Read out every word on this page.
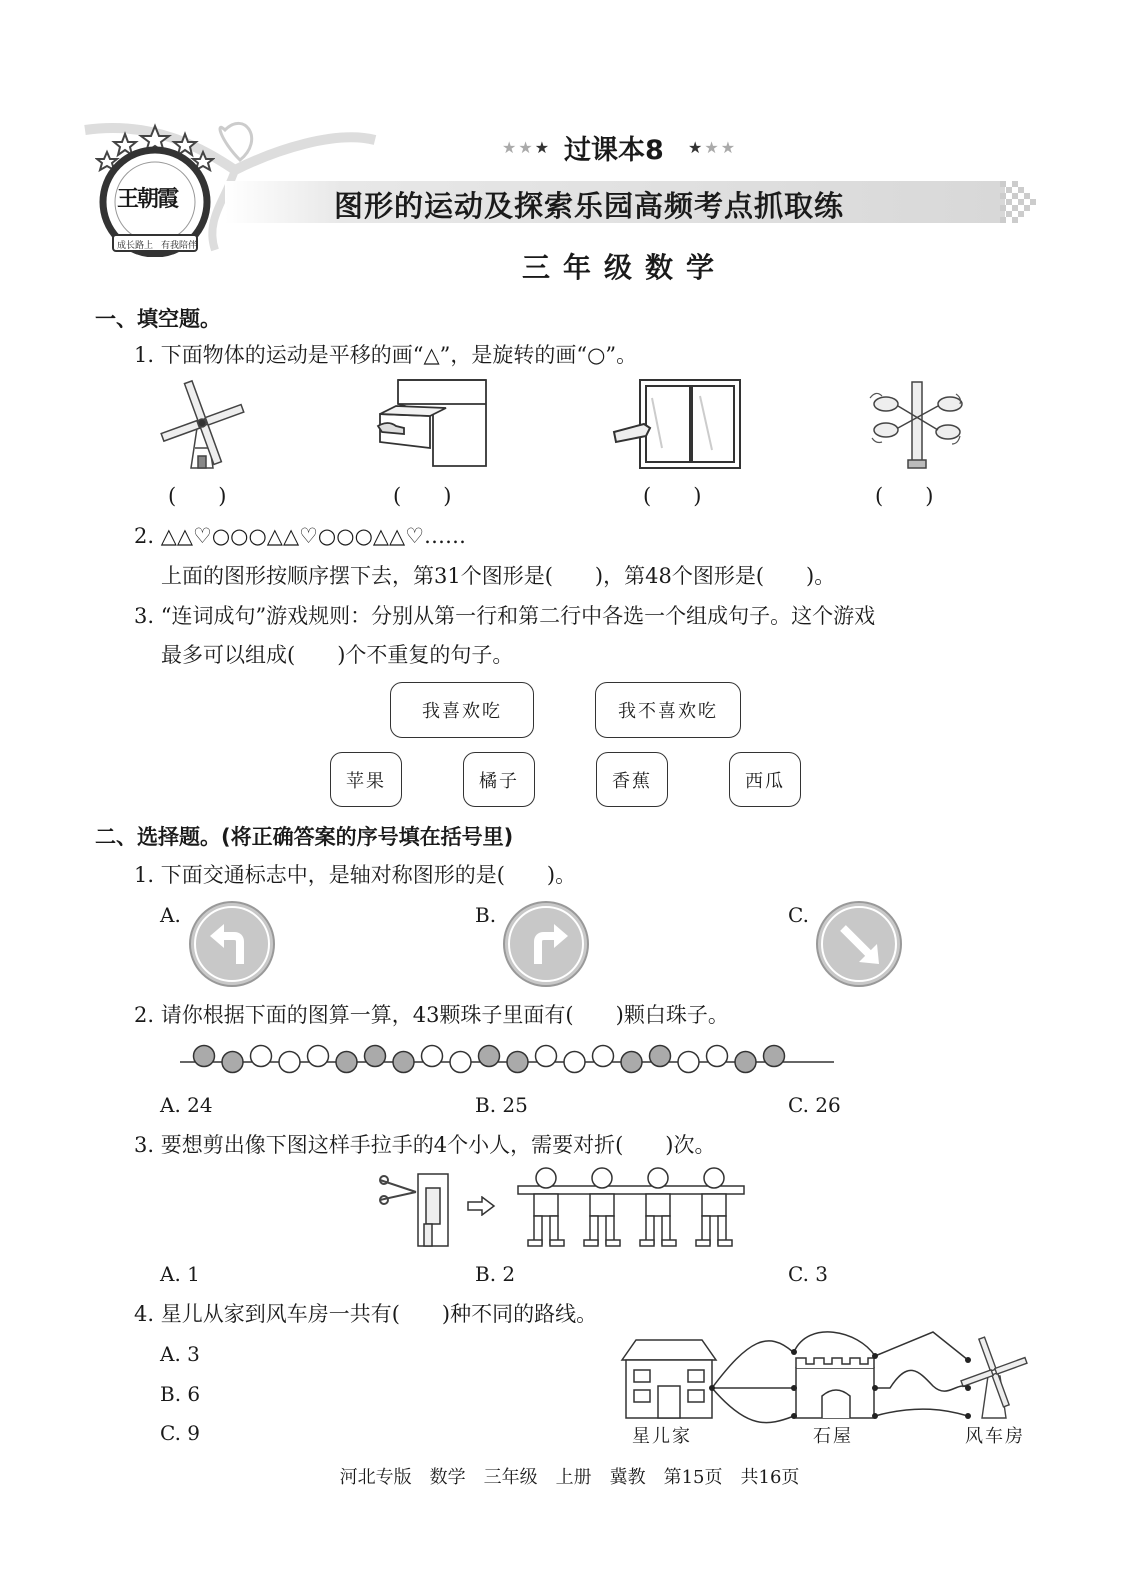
王朝霞
成长路上 有我陪伴
★★★ 过课本8 ★★★
图形的运动及探索乐园高频考点抓取练
三年级数学
一、填空题。
1. 下面物体的运动是平移的画“△”，是旋转的画“○”。
(　　)	(　　)	(　　)	(　　)
2. △△♡○○○△△♡○○○△△♡……
上面的图形按顺序摆下去，第31个图形是(　　)，第48个图形是(　　)。
3. “连词成句”游戏规则：分别从第一行和第二行中各选一个组成句子。这个游戏
最多可以组成(　　)个不重复的句子。
我喜欢吃	我不喜欢吃
苹果	橘子	香蕉	西瓜
二、选择题。(将正确答案的序号填在括号里)
1. 下面交通标志中，是轴对称图形的是(　　)。
A.	B.	C.
2. 请你根据下面的图算一算，43颗珠子里面有(　　)颗白珠子。
A. 24	B. 25	C. 26
3. 要想剪出像下图这样手拉手的4个小人，需要对折(　　)次。
A. 1	B. 2	C. 3
4. 星儿从家到风车房一共有(　　)种不同的路线。
A. 3
B. 6
C. 9	星儿家	石屋	风车房
河北专版　数学　三年级　上册　冀教　第15页　共16页
